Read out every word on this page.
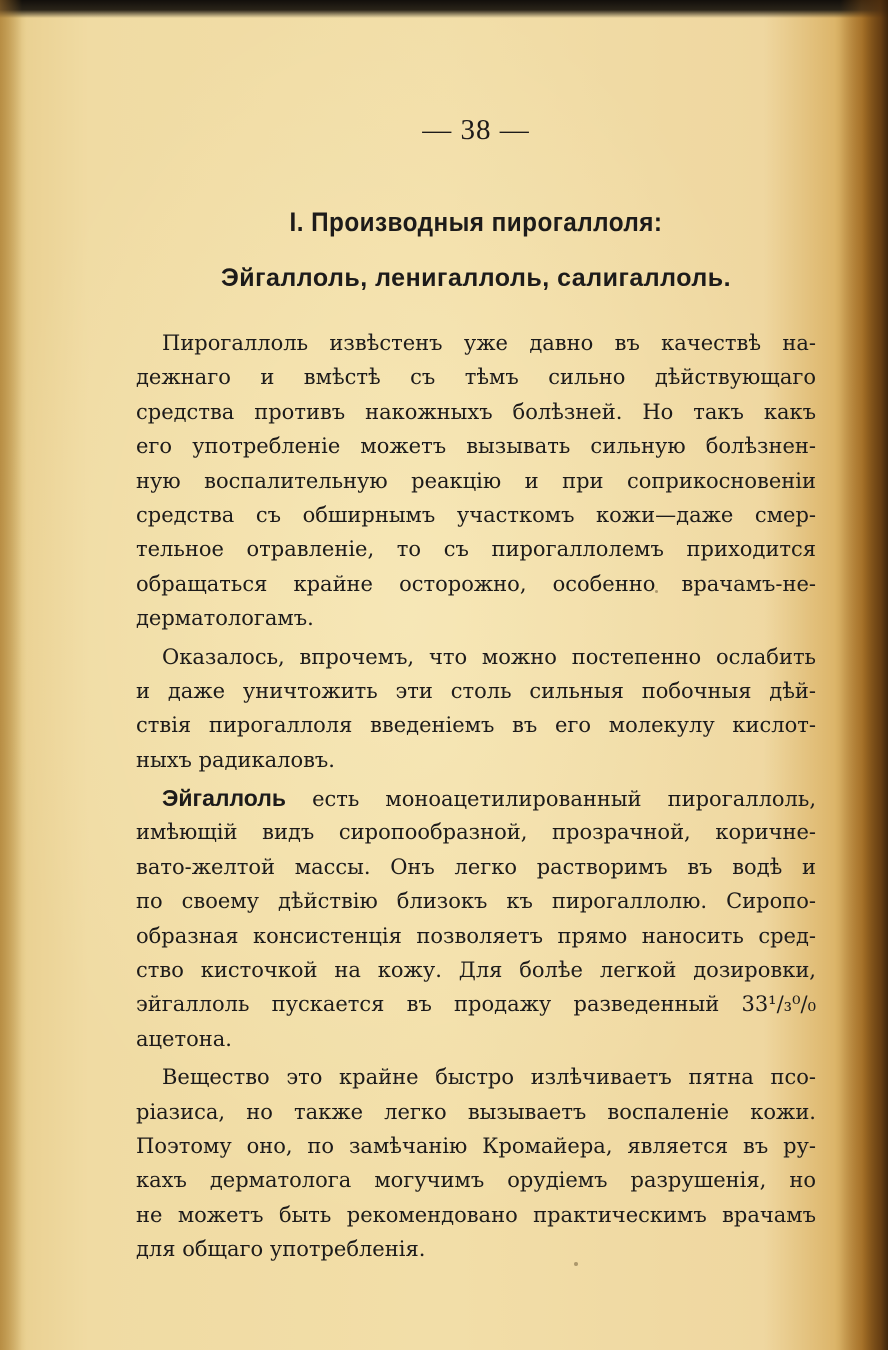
— 38 —
I. Производныя пирогаллоля:
Эйгаллоль, ленигаллоль, салигаллоль.
Пирогаллоль извѣстенъ уже давно въ качествѣ на-
дежнаго и вмѣстѣ съ тѣмъ сильно дѣйствующаго
средства противъ накожныхъ болѣзней. Но такъ какъ
его употребленіе можетъ вызывать сильную болѣзнен-
ную воспалительную реакцію и при соприкосновеніи
средства съ обширнымъ участкомъ кожи—даже смер-
тельное отравленіе, то съ пирогаллолемъ приходится
обращаться крайне осторожно, особенно врачамъ-не-
дерматологамъ.
Оказалось, впрочемъ, что можно постепенно ослабить
и даже уничтожить эти столь сильныя побочныя дѣй-
ствія пирогаллоля введеніемъ въ его молекулу кислот-
ныхъ радикаловъ.
Эйгаллоль есть моноацетилированный пирогаллоль,
имѣющій видъ сиропообразной, прозрачной, коричне-
вато-желтой массы. Онъ легко растворимъ въ водѣ и
по своему дѣйствію близокъ къ пирогаллолю. Сиропо-
образная консистенція позволяетъ прямо наносить сред-
ство кисточкой на кожу. Для болѣе легкой дозировки,
эйгаллоль пускается въ продажу разведенный 33¹/₃⁰/₀
ацетона.
Вещество это крайне быстро излѣчиваетъ пятна псо-
ріазиса, но также легко вызываетъ воспаленіе кожи.
Поэтому оно, по замѣчанію Кромайера, является въ ру-
кахъ дерматолога могучимъ орудіемъ разрушенія, но
не можетъ быть рекомендовано практическимъ врачамъ
для общаго употребленія.
